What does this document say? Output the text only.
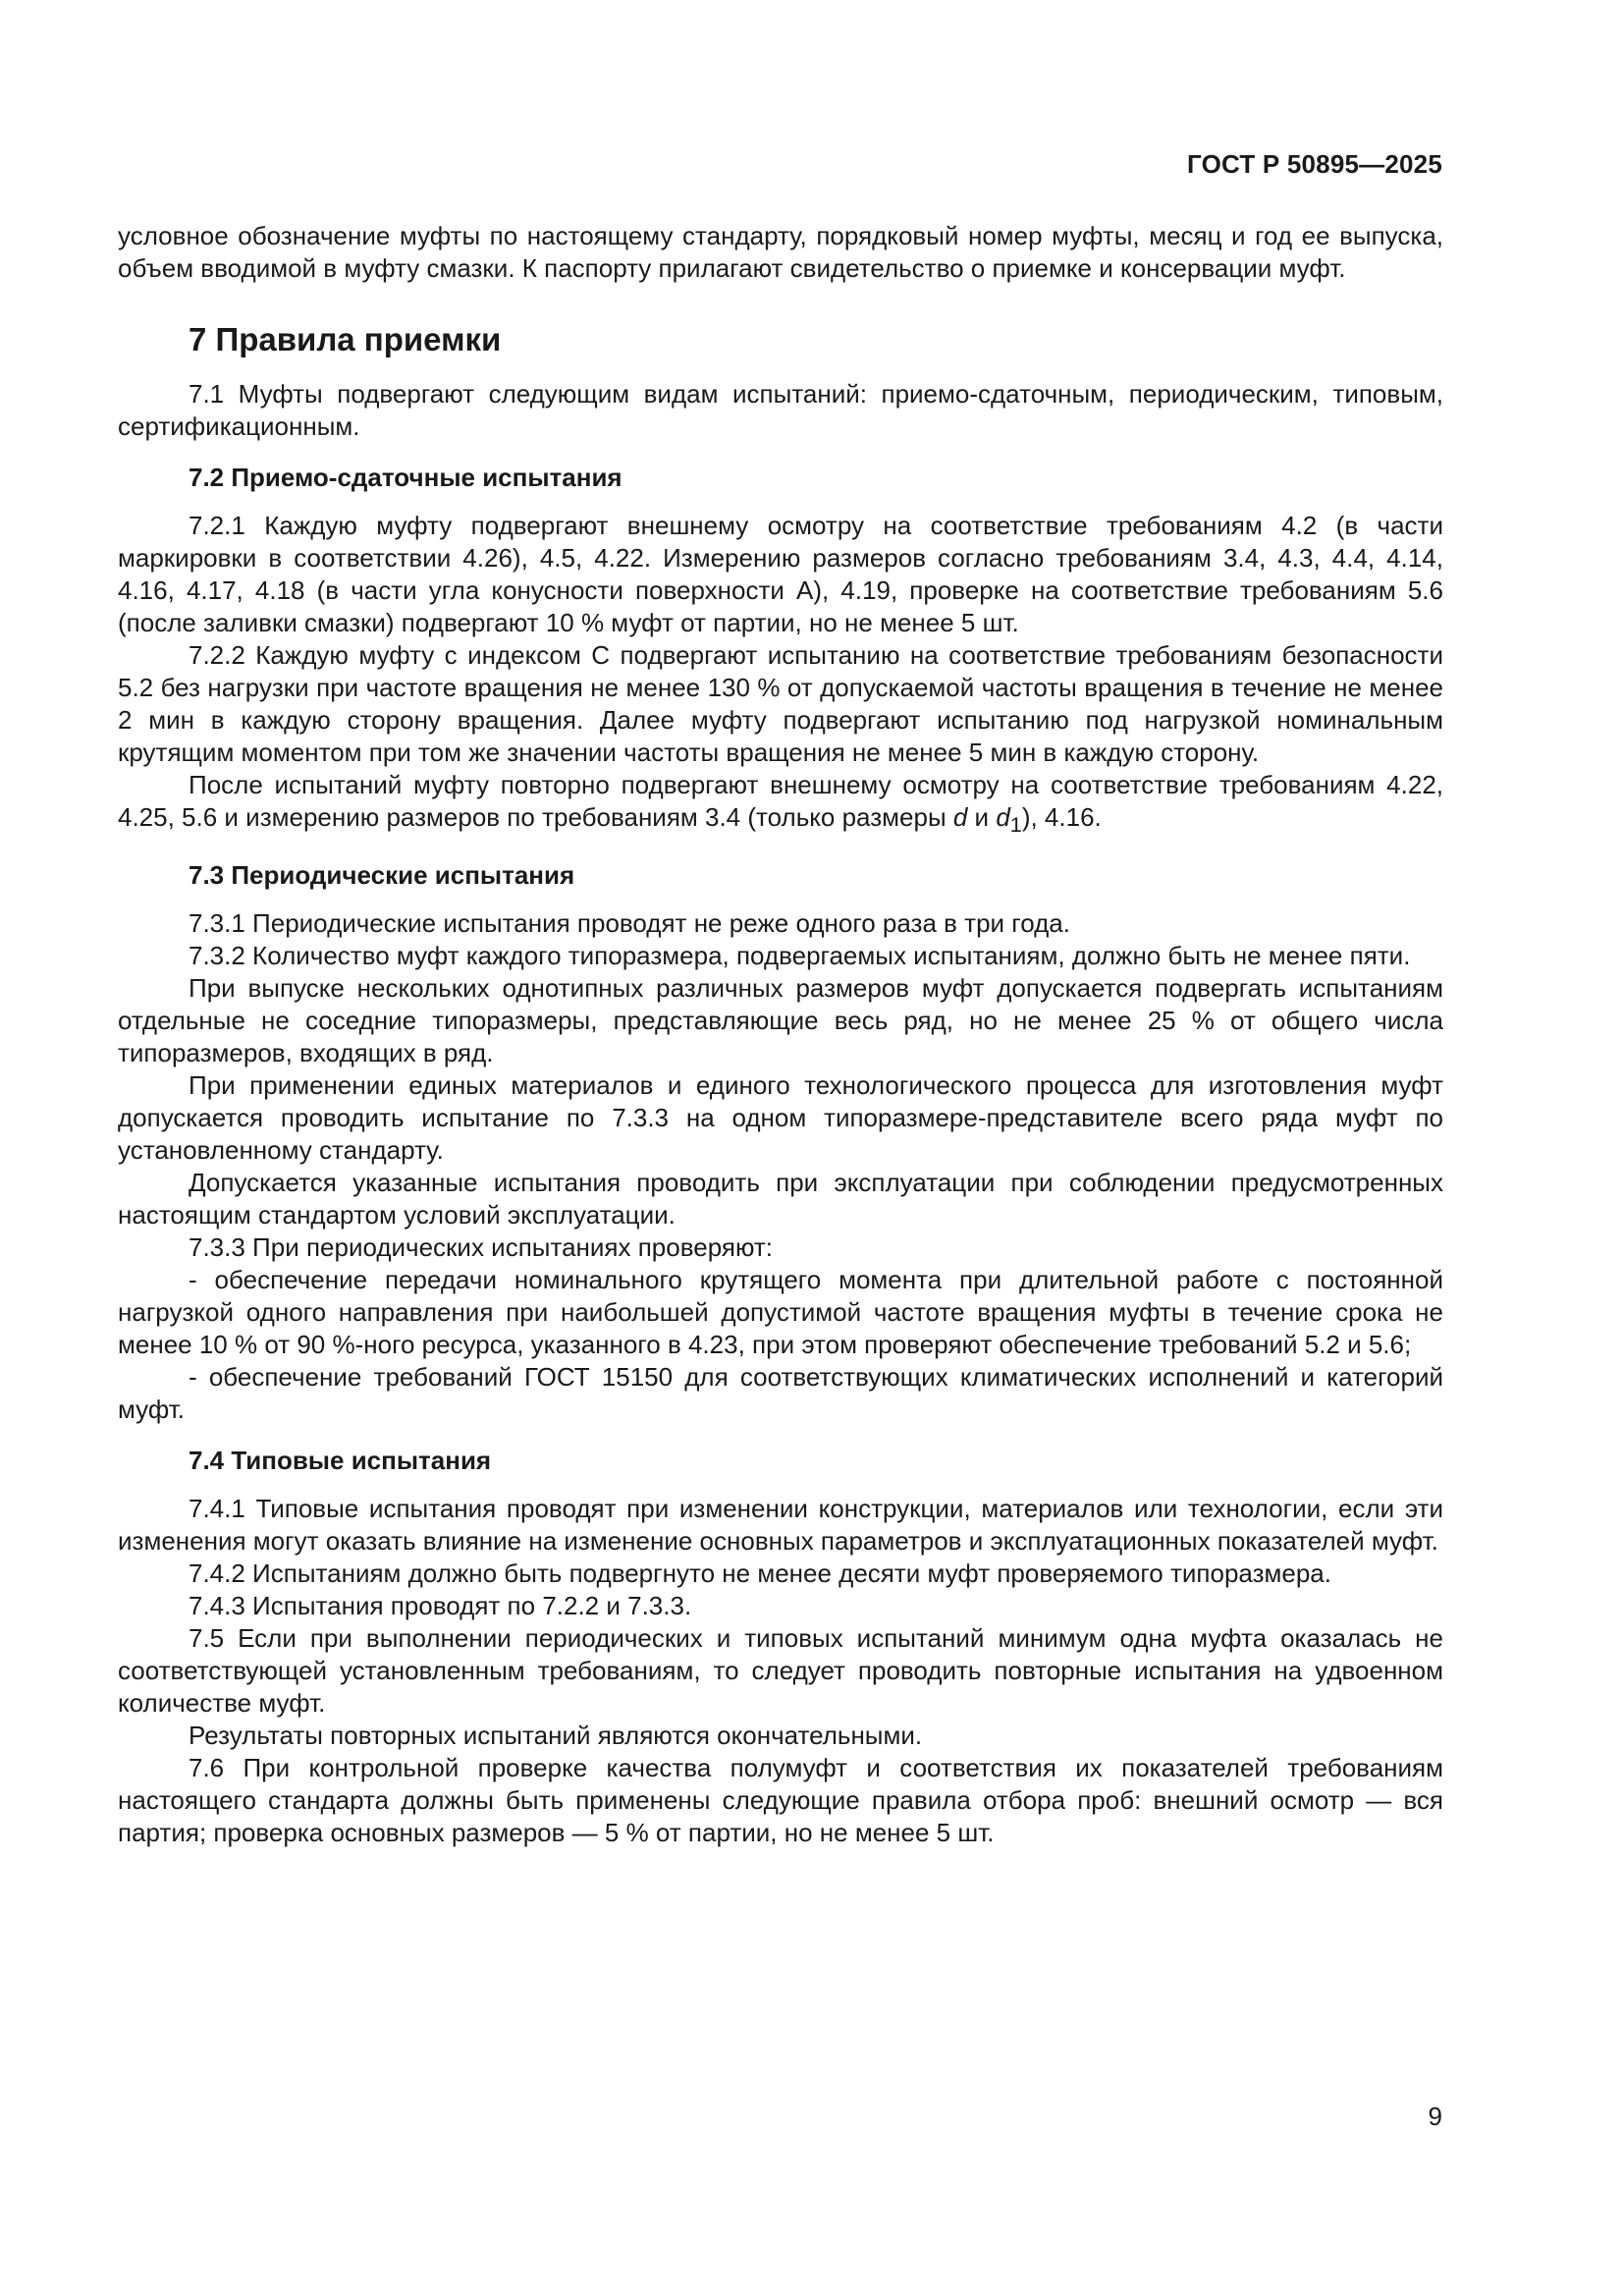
ГОСТ Р 50895—2025

условное обозначение муфты по настоящему стандарту, порядковый номер муфты, месяц и год ее выпуска, объем вводимой в муфту смазки. К паспорту прилагают свидетельство о приемке и консервации муфт.

7 Правила приемки

7.1 Муфты подвергают следующим видам испытаний: приемо-сдаточным, периодическим, типовым, сертификационным.

7.2 Приемо-сдаточные испытания

7.2.1 Каждую муфту подвергают внешнему осмотру на соответствие требованиям 4.2 (в части маркировки в соответствии 4.26), 4.5, 4.22. Измерению размеров согласно требованиям 3.4, 4.3, 4.4, 4.14, 4.16, 4.17, 4.18 (в части угла конусности поверхности А), 4.19, проверке на соответствие требованиям 5.6 (после заливки смазки) подвергают 10 % муфт от партии, но не менее 5 шт.

7.2.2 Каждую муфту с индексом С подвергают испытанию на соответствие требованиям безопасности 5.2 без нагрузки при частоте вращения не менее 130 % от допускаемой частоты вращения в течение не менее 2 мин в каждую сторону вращения. Далее муфту подвергают испытанию под нагрузкой номинальным крутящим моментом при том же значении частоты вращения не менее 5 мин в каждую сторону.

После испытаний муфту повторно подвергают внешнему осмотру на соответствие требованиям 4.22, 4.25, 5.6 и измерению размеров по требованиям 3.4 (только размеры d и $d_1$), 4.16.

7.3 Периодические испытания

7.3.1 Периодические испытания проводят не реже одного раза в три года.

7.3.2 Количество муфт каждого типоразмера, подвергаемых испытаниям, должно быть не менее пяти.

При выпуске нескольких однотипных различных размеров муфт допускается подвергать испытаниям отдельные не соседние типоразмеры, представляющие весь ряд, но не менее 25 % от общего числа типоразмеров, входящих в ряд.

При применении единых материалов и единого технологического процесса для изготовления муфт допускается проводить испытание по 7.3.3 на одном типоразмере-представителе всего ряда муфт по установленному стандарту.

Допускается указанные испытания проводить при эксплуатации при соблюдении предусмотренных настоящим стандартом условий эксплуатации.

7.3.3 При периодических испытаниях проверяют:

- обеспечение передачи номинального крутящего момента при длительной работе с постоянной нагрузкой одного направления при наибольшей допустимой частоте вращения муфты в течение срока не менее 10 % от 90 %-ного ресурса, указанного в 4.23, при этом проверяют обеспечение требований 5.2 и 5.6;

- обеспечение требований ГОСТ 15150 для соответствующих климатических исполнений и категорий муфт.

7.4 Типовые испытания

7.4.1 Типовые испытания проводят при изменении конструкции, материалов или технологии, если эти изменения могут оказать влияние на изменение основных параметров и эксплуатационных показателей муфт.

7.4.2 Испытаниям должно быть подвергнуто не менее десяти муфт проверяемого типоразмера.

7.4.3 Испытания проводят по 7.2.2 и 7.3.3.

7.5 Если при выполнении периодических и типовых испытаний минимум одна муфта оказалась не соответствующей установленным требованиям, то следует проводить повторные испытания на удвоенном количестве муфт.

Результаты повторных испытаний являются окончательными.

7.6 При контрольной проверке качества полумуфт и соответствия их показателей требованиям настоящего стандарта должны быть применены следующие правила отбора проб: внешний осмотр — вся партия; проверка основных размеров — 5 % от партии, но не менее 5 шт.

9
